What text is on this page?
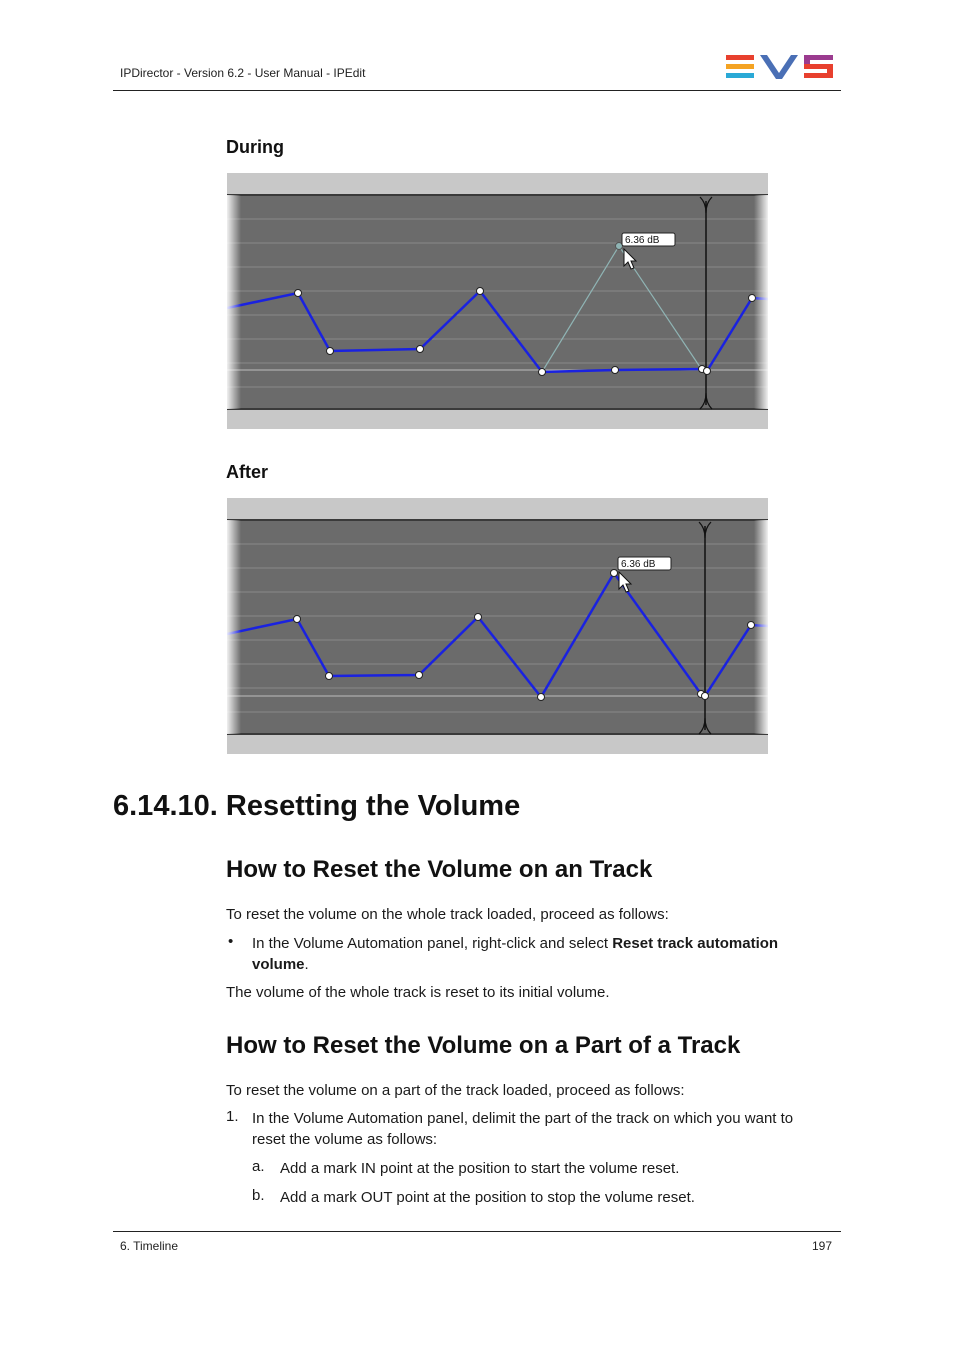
IPDirector - Version 6.2 - User Manual - IPEdit
During
6.36 dB
After
6.36 dB
6.14.10. Resetting the Volume
How to Reset the Volume on an Track

To reset the volume on the whole track loaded, proceed as follows:

• In the Volume Automation panel, right-click and select Reset track automation volume.

The volume of the whole track is reset to its initial volume.

How to Reset the Volume on a Part of a Track

To reset the volume on a part of the track loaded, proceed as follows:

1. In the Volume Automation panel, delimit the part of the track on which you want to reset the volume as follows:

a. Add a mark IN point at the position to start the volume reset.

b. Add a mark OUT point at the position to stop the volume reset.

6. Timeline	197
